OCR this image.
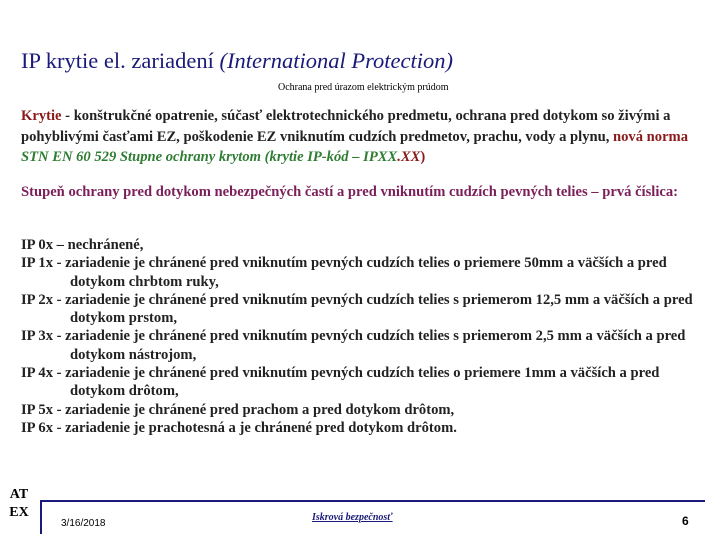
IP krytie el. zariadení (International Protection)
Ochrana pred úrazom elektrickým prúdom
Krytie - konštrukčné opatrenie, súčasť elektrotechnického predmetu, ochrana pred dotykom so živými a pohyblivými časťami EZ, poškodenie EZ vniknutím cudzích predmetov, prachu, vody a plynu, nová norma STN EN 60 529 Stupne ochrany krytom (krytie IP-kód – IPXX.XX)
Stupeň ochrany pred dotykom nebezpečných častí a pred vniknutím cudzích pevných telies – prvá číslica:
IP 0x – nechránené,
IP 1x - zariadenie je chránené pred vniknutím pevných cudzích telies o priemere 50mm a väčších a pred dotykom chrbtom ruky,
IP 2x - zariadenie je chránené pred vniknutím pevných cudzích telies s priemerom 12,5 mm a väčších a pred dotykom prstom,
IP 3x - zariadenie je chránené pred vniknutím pevných cudzích telies s priemerom 2,5 mm a väčších a pred dotykom nástrojom,
IP 4x - zariadenie je chránené pred vniknutím pevných cudzích telies o priemere 1mm a väčších a pred dotykom drôtom,
IP 5x - zariadenie je chránené pred prachom a pred dotykom drôtom,
IP 6x - zariadenie je prachotesná a je chránené pred dotykom drôtom.
AT
EX
3/16/2018
Iskrová bezpečnosť	6
